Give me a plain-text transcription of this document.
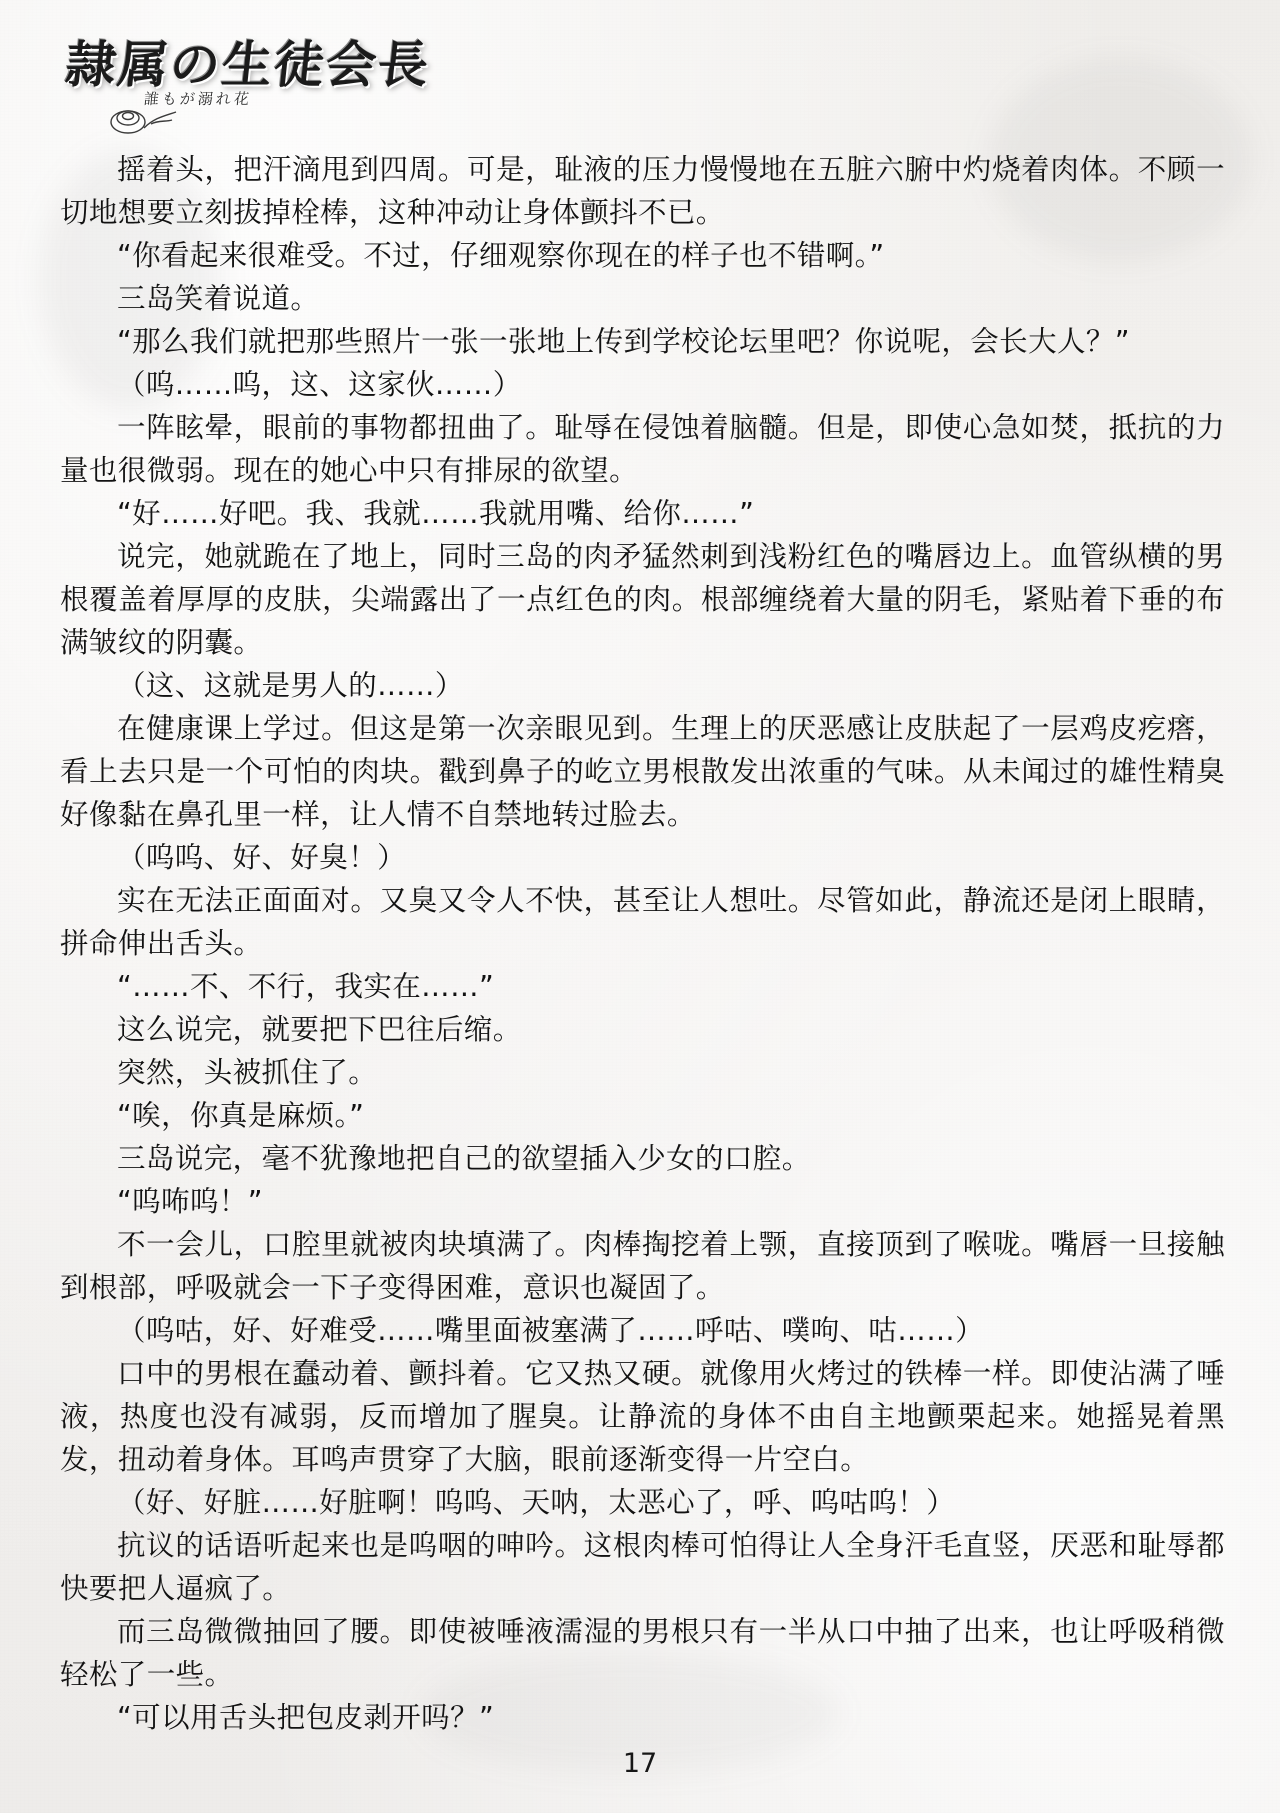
隷属の生徒会長
誰もが溺れ花

摇着头，把汗滴甩到四周。可是，耻液的压力慢慢地在五脏六腑中灼烧着肉体。不顾一切地想要立刻拔掉栓棒，这种冲动让身体颤抖不已。

“你看起来很难受。不过，仔细观察你现在的样子也不错啊。”

三岛笑着说道。

“那么我们就把那些照片一张一张地上传到学校论坛里吧？你说呢，会长大人？”

（呜……呜，这、这家伙……）

一阵眩晕，眼前的事物都扭曲了。耻辱在侵蚀着脑髓。但是，即使心急如焚，抵抗的力量也很微弱。现在的她心中只有排尿的欲望。

“好……好吧。我、我就……我就用嘴、给你……”

说完，她就跪在了地上，同时三岛的肉矛猛然刺到浅粉红色的嘴唇边上。血管纵横的男根覆盖着厚厚的皮肤，尖端露出了一点红色的肉。根部缠绕着大量的阴毛，紧贴着下垂的布满皱纹的阴囊。

（这、这就是男人的……）

在健康课上学过。但这是第一次亲眼见到。生理上的厌恶感让皮肤起了一层鸡皮疙瘩，看上去只是一个可怕的肉块。戳到鼻子的屹立男根散发出浓重的气味。从未闻过的雄性精臭好像黏在鼻孔里一样，让人情不自禁地转过脸去。

（呜呜、好、好臭！）

实在无法正面面对。又臭又令人不快，甚至让人想吐。尽管如此，静流还是闭上眼睛，拼命伸出舌头。

“……不、不行，我实在……”

这么说完，就要把下巴往后缩。

突然，头被抓住了。

“唉，你真是麻烦。”

三岛说完，毫不犹豫地把自己的欲望插入少女的口腔。

“呜咘呜！”

不一会儿，口腔里就被肉块填满了。肉棒掏挖着上颚，直接顶到了喉咙。嘴唇一旦接触到根部，呼吸就会一下子变得困难，意识也凝固了。

（呜咕，好、好难受……嘴里面被塞满了……呼咕、噗呴、咕……）

口中的男根在蠢动着、颤抖着。它又热又硬。就像用火烤过的铁棒一样。即使沾满了唾液，热度也没有减弱，反而增加了腥臭。让静流的身体不由自主地颤栗起来。她摇晃着黑发，扭动着身体。耳鸣声贯穿了大脑，眼前逐渐变得一片空白。

（好、好脏……好脏啊！呜呜、天呐，太恶心了，呼、呜咕呜！）

抗议的话语听起来也是呜咽的呻吟。这根肉棒可怕得让人全身汗毛直竖，厌恶和耻辱都快要把人逼疯了。

而三岛微微抽回了腰。即使被唾液濡湿的男根只有一半从口中抽了出来，也让呼吸稍微轻松了一些。

“可以用舌头把包皮剥开吗？”

17
